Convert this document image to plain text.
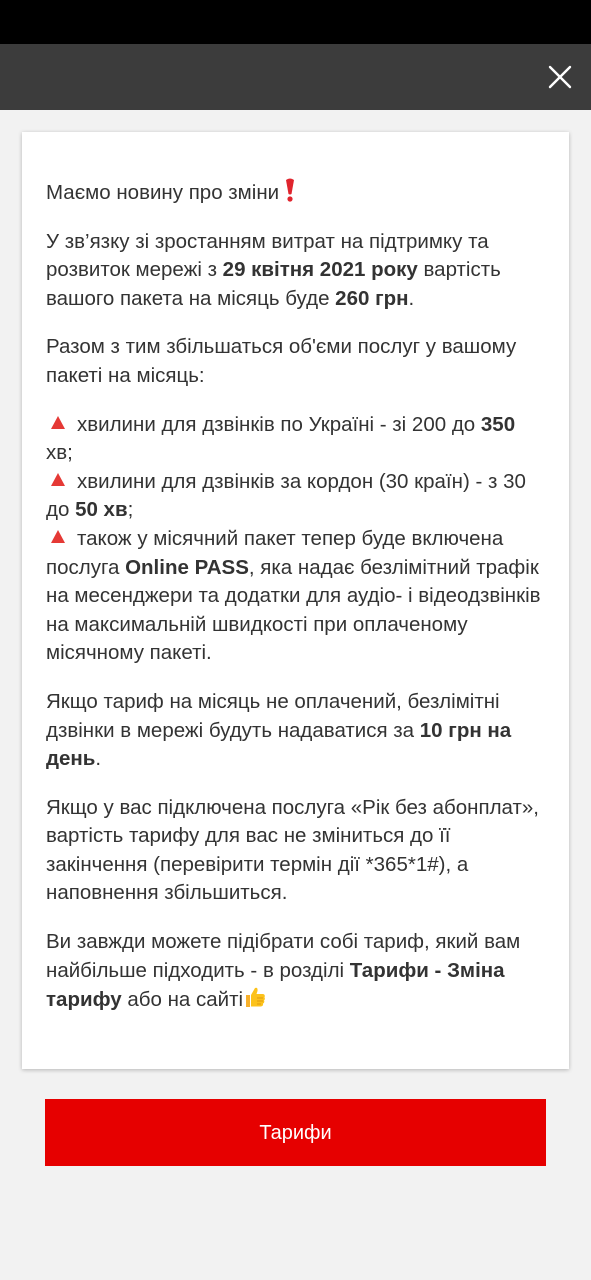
Маємо новину про зміни

У зв’язку зі зростанням витрат на підтримку та розвиток мережі з 29 квітня 2021 року вартість вашого пакета на місяць буде 260 грн.

Разом з тим збільшаться об'єми послуг у вашому пакеті на місяць:

хвилини для дзвінків по Україні - зі 200 до 350 хв;
хвилини для дзвінків за кордон (30 країн) - з 30 до 50 хв;
також у місячний пакет тепер буде включена послуга Online PASS, яка надає безлімітний трафік на месенджери та додатки для аудіо- і відеодзвінків на максимальній швидкості при оплаченому місячному пакеті.

Якщо тариф на місяць не оплачений, безлімітні дзвінки в мережі будуть надаватися за 10 грн на день.

Якщо у вас підключена послуга «Рік без абонплат», вартість тарифу для вас не зміниться до її закінчення (перевірити термін дії *365*1#), а наповнення збільшиться.

Ви завжди можете підібрати собі тариф, який вам найбільше підходить - в розділі Тарифи - Зміна тарифу або на сайті

Тарифи
